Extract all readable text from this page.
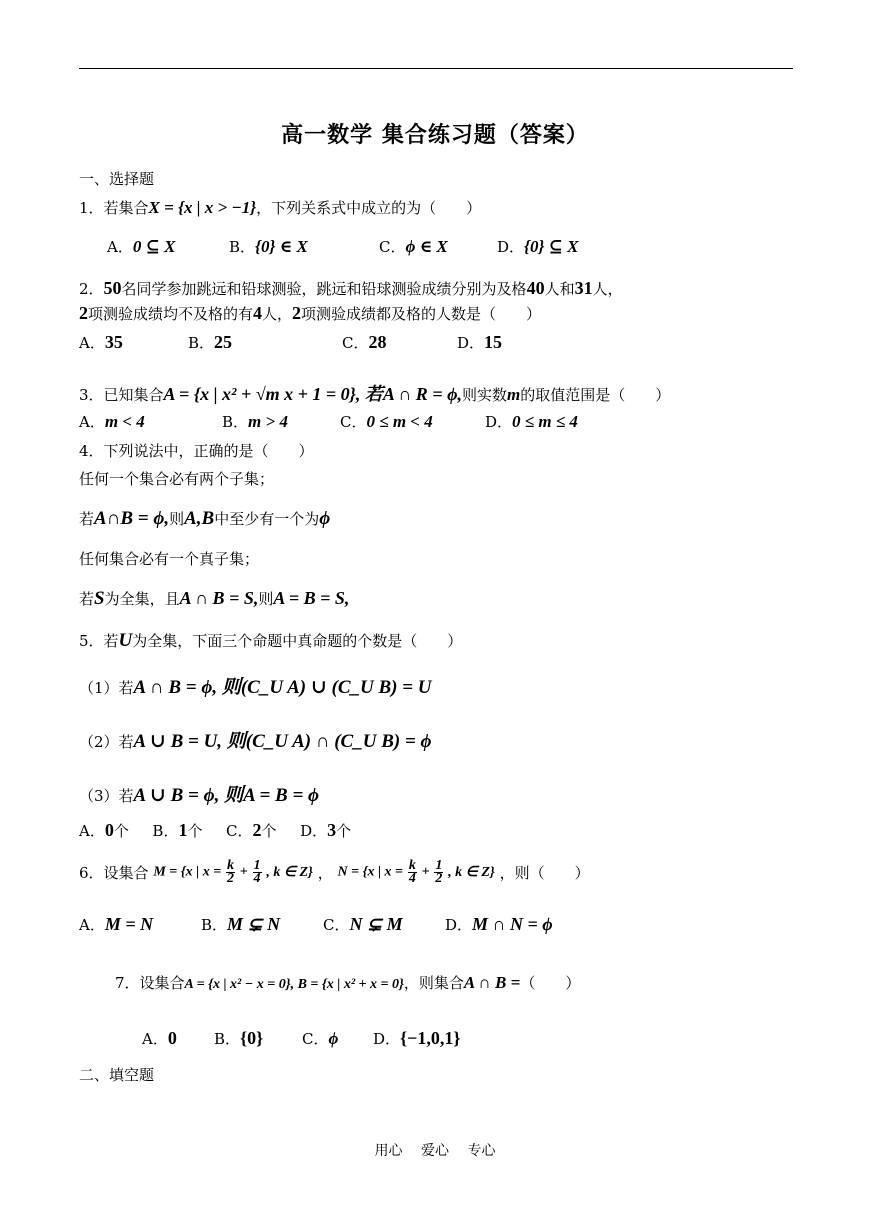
高一数学 集合练习题（答案）
一、选择题
1．若集合X = {x | x > −1}，下列关系式中成立的为（　　）
A．0 ⊆ X	B．{0} ∈ X	C．ϕ ∈ X	D．{0} ⊆ X
2．50名同学参加跳远和铅球测验，跳远和铅球测验成绩分别为及格40人和31人，
2项测验成绩均不及格的有4人，2项测验成绩都及格的人数是（　　）
A．35	B．25	C．28	D．15
3．已知集合A = {x | x² + √m x + 1 = 0}, 若A ∩ R = ϕ,则实数m的取值范围是（　　）
A．m < 4	B．m > 4	C．0 ≤ m < 4	D．0 ≤ m ≤ 4
4．下列说法中，正确的是（　　）
任何一个集合必有两个子集；
若A∩B = ϕ,则A,B中至少有一个为ϕ
任何集合必有一个真子集；
若S为全集，且A ∩ B = S,则A = B = S,
5．若U为全集，下面三个命题中真命题的个数是（　　）
（1）若A ∩ B = ϕ, 则(C_U A) ∪ (C_U B) = U
（2）若A ∪ B = U, 则(C_U A) ∩ (C_U B) = ϕ
（3）若A ∪ B = ϕ, 则A = B = ϕ
A．0个 B．1个 C．2个 D．3个
6．设集合 M = {x | $x = \frac{k}{2} + \frac{1}{4}$ , k ∈ Z} ， N = {x | $x = \frac{k}{4} + \frac{1}{2}$ , k ∈ Z} ，则（　　）
A．M = N	B．M ⊊ N	C．N ⊊ M	D．M ∩ N = ϕ
7．设集合A = {x | x² − x = 0}, B = {x | x² + x = 0}，则集合A ∩ B =（　　）
A．0 B．{0}	C．ϕ D．{−1,0,1}
二、填空题
用心 爱心 专心
